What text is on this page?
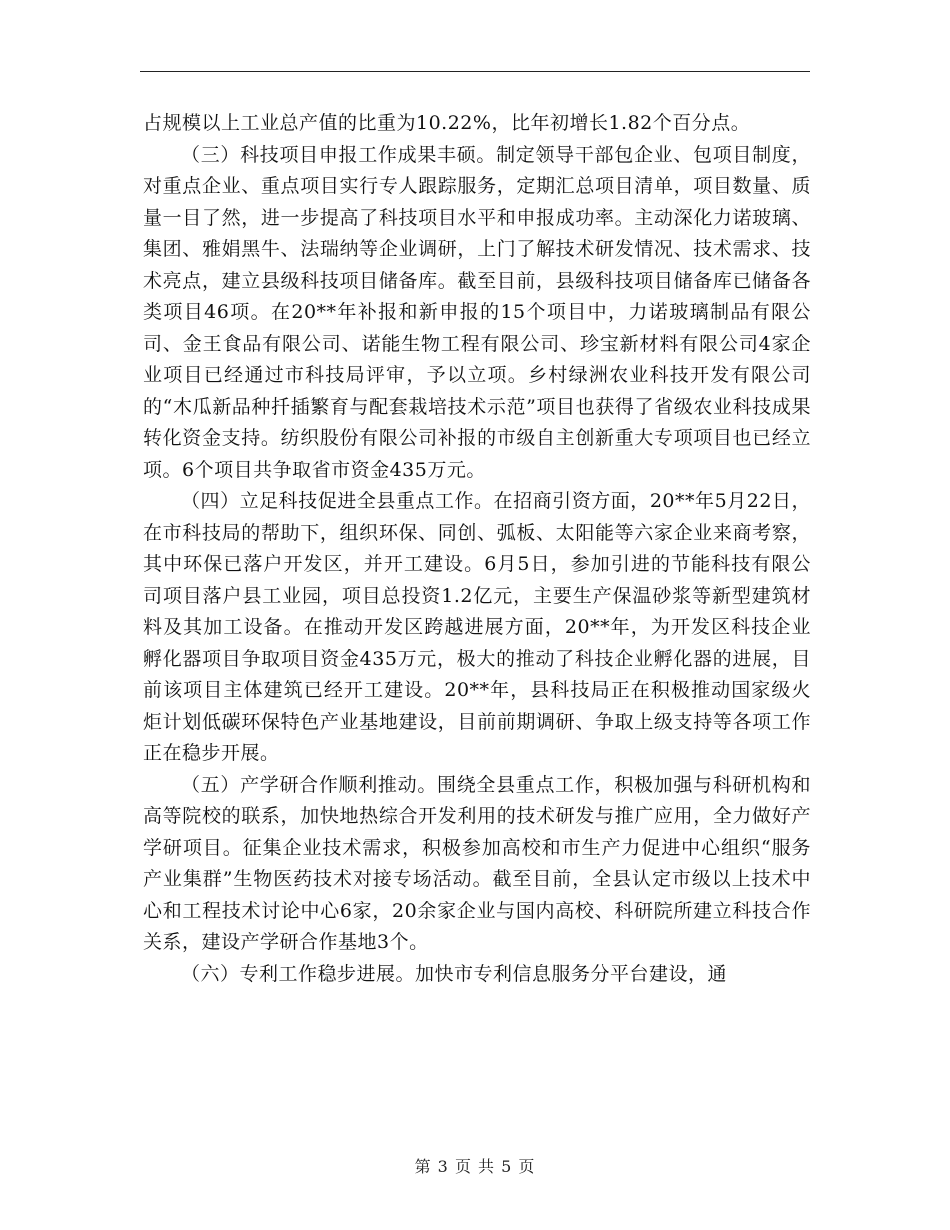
占规模以上工业总产值的比重为10.22%，比年初增长1.82个百分点。

（三）科技项目申报工作成果丰硕。制定领导干部包企业、包项目制度，对重点企业、重点项目实行专人跟踪服务，定期汇总项目清单，项目数量、质量一目了然，进一步提高了科技项目水平和申报成功率。主动深化力诺玻璃、集团、雅娟黑牛、法瑞纳等企业调研，上门了解技术研发情况、技术需求、技术亮点，建立县级科技项目储备库。截至目前，县级科技项目储备库已储备各类项目46项。在20**年补报和新申报的15个项目中，力诺玻璃制品有限公司、金王食品有限公司、诺能生物工程有限公司、珍宝新材料有限公司4家企业项目已经通过市科技局评审，予以立项。乡村绿洲农业科技开发有限公司的“木瓜新品种扦插繁育与配套栽培技术示范”项目也获得了省级农业科技成果转化资金支持。纺织股份有限公司补报的市级自主创新重大专项项目也已经立项。6个项目共争取省市资金435万元。

（四）立足科技促进全县重点工作。在招商引资方面，20**年5月22日，在市科技局的帮助下，组织环保、同创、弧板、太阳能等六家企业来商考察，其中环保已落户开发区，并开工建设。6月5日，参加引进的节能科技有限公司项目落户县工业园，项目总投资1.2亿元，主要生产保温砂浆等新型建筑材料及其加工设备。在推动开发区跨越进展方面，20**年，为开发区科技企业孵化器项目争取项目资金435万元，极大的推动了科技企业孵化器的进展，目前该项目主体建筑已经开工建设。20**年，县科技局正在积极推动国家级火炬计划低碳环保特色产业基地建设，目前前期调研、争取上级支持等各项工作正在稳步开展。

（五）产学研合作顺利推动。围绕全县重点工作，积极加强与科研机构和高等院校的联系，加快地热综合开发利用的技术研发与推广应用，全力做好产学研项目。征集企业技术需求，积极参加高校和市生产力促进中心组织“服务产业集群”生物医药技术对接专场活动。截至目前，全县认定市级以上技术中心和工程技术讨论中心6家，20余家企业与国内高校、科研院所建立科技合作关系，建设产学研合作基地3个。

（六）专利工作稳步进展。加快市专利信息服务分平台建设，通

第 3 页 共 5 页
